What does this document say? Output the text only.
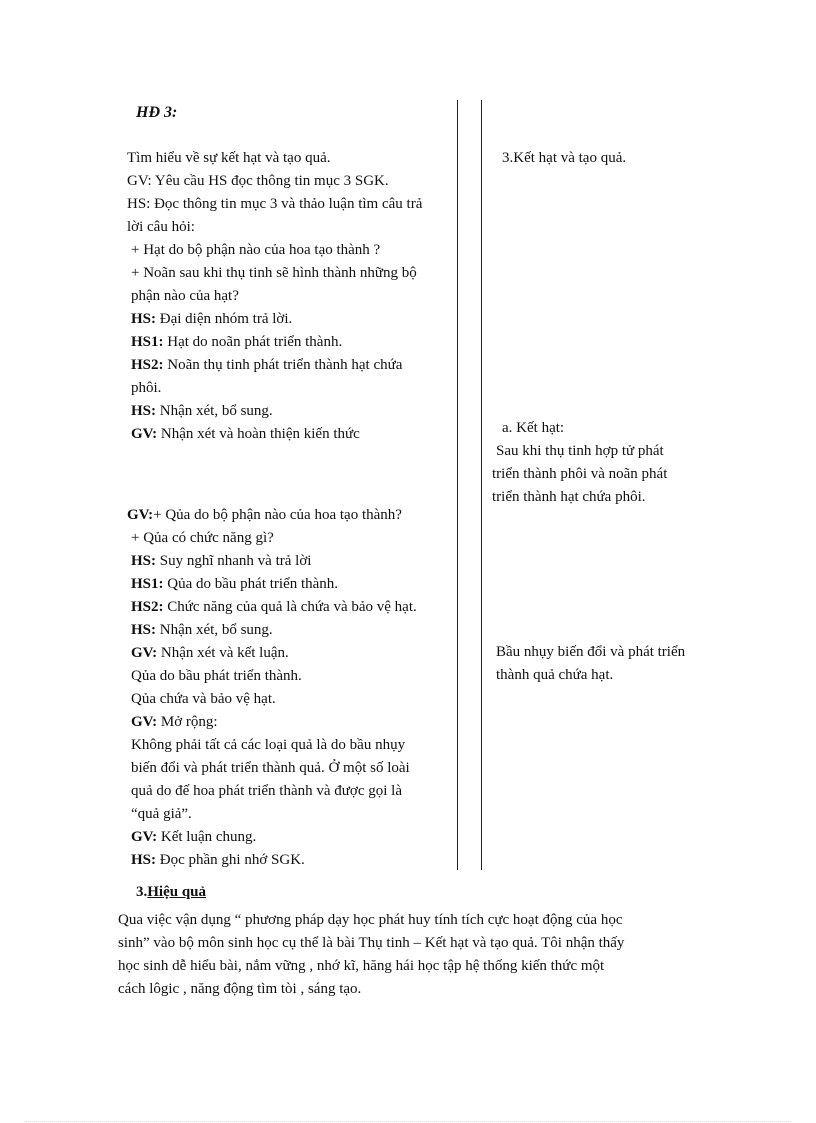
HĐ 3:
Tìm hiểu về sự kết hạt và tạo quả.
GV: Yêu cầu HS đọc thông tin mục 3 SGK.
HS: Đọc thông tin mục 3 và thảo luận tìm câu trả
lời câu hỏi:
+ Hạt do bộ phận nào của hoa tạo thành ?
+ Noãn sau khi thụ tinh sẽ hình thành những bộ
phận nào của hạt?
HS: Đại diện nhóm trả lời.
HS1: Hạt do noãn phát triển thành.
HS2: Noãn thụ tinh phát triển thành hạt chứa
phôi.
HS: Nhận xét, bổ sung.
GV: Nhận xét và hoàn thiện kiến thức
GV:+ Qủa do bộ phận nào của hoa tạo thành?
+ Qủa có chức năng gì?
HS: Suy nghĩ nhanh và trả lời
HS1: Qủa do bầu phát triển thành.
HS2: Chức năng của quả là chứa và bảo vệ hạt.
HS: Nhận xét, bổ sung.
GV: Nhận xét và kết luận.
Qủa do bầu phát triển thành.
Qủa chứa và bảo vệ hạt.
GV: Mở rộng:
Không phải tất cả các loại quả là do bầu nhụy
biến đổi và phát triển thành quả. Ở một số loài
quả do đế hoa phát triển thành và được gọi là
“quả giả”.
GV: Kết luận chung.
HS: Đọc phần ghi nhớ SGK.
3.Kết hạt và tạo quả.
a. Kết hạt:
Sau khi thụ tinh hợp tử phát
triển thành phôi và noãn phát
triển thành hạt chứa phôi.
Bầu nhụy biến đổi và phát triển
thành quả chứa hạt.
3.Hiệu quả
Qua việc vận dụng “ phương pháp dạy học phát huy tính tích cực hoạt động của học
sinh” vào bộ môn sinh học cụ thể là bài Thụ tinh – Kết hạt và tạo quả. Tôi nhận thấy
học sinh dễ hiểu bài, nắm vững , nhớ kĩ, hăng hái học tập hệ thống kiến thức một
cách lôgic , năng động tìm tòi , sáng tạo.
